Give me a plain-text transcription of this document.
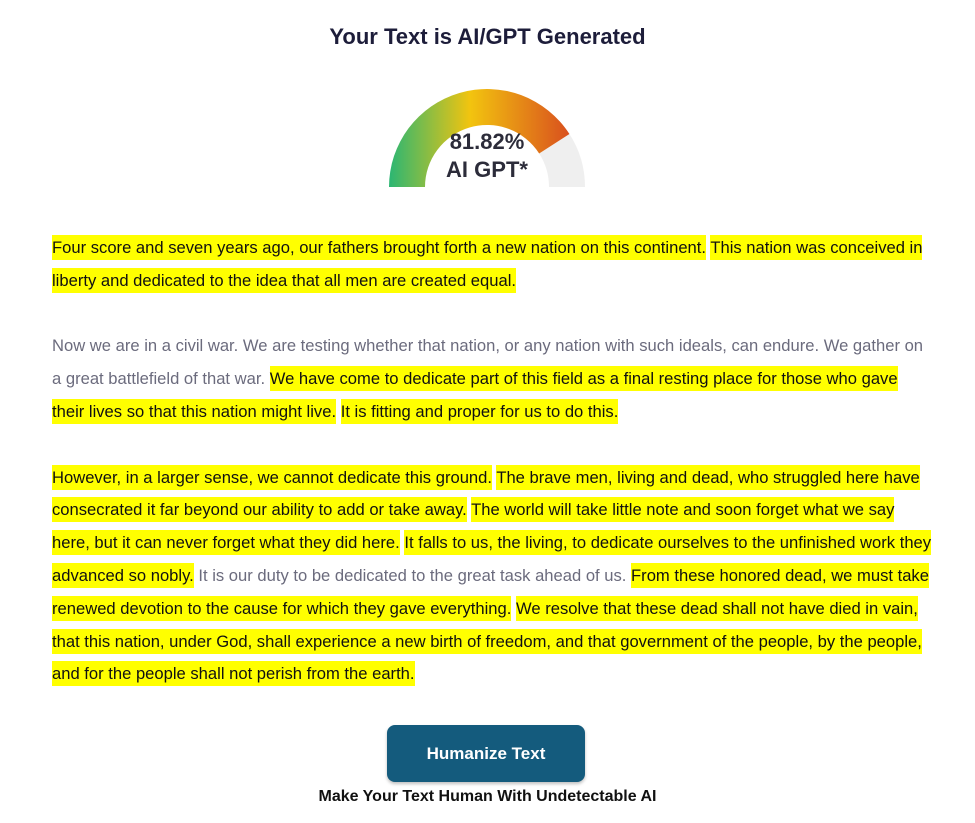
Your Text is AI/GPT Generated
81.82%
AI GPT*

Four score and seven years ago, our fathers brought forth a new nation on this continent. This nation was conceived in liberty and dedicated to the idea that all men are created equal.

Now we are in a civil war. We are testing whether that nation, or any nation with such ideals, can endure. We gather on a great battlefield of that war. We have come to dedicate part of this field as a final resting place for those who gave their lives so that this nation might live. It is fitting and proper for us to do this.

However, in a larger sense, we cannot dedicate this ground. The brave men, living and dead, who struggled here have consecrated it far beyond our ability to add or take away. The world will take little note and soon forget what we say here, but it can never forget what they did here. It falls to us, the living, to dedicate ourselves to the unfinished work they advanced so nobly. It is our duty to be dedicated to the great task ahead of us. From these honored dead, we must take renewed devotion to the cause for which they gave everything. We resolve that these dead shall not have died in vain, that this nation, under God, shall experience a new birth of freedom, and that government of the people, by the people, and for the people shall not perish from the earth.

Humanize Text
Make Your Text Human With Undetectable AI
